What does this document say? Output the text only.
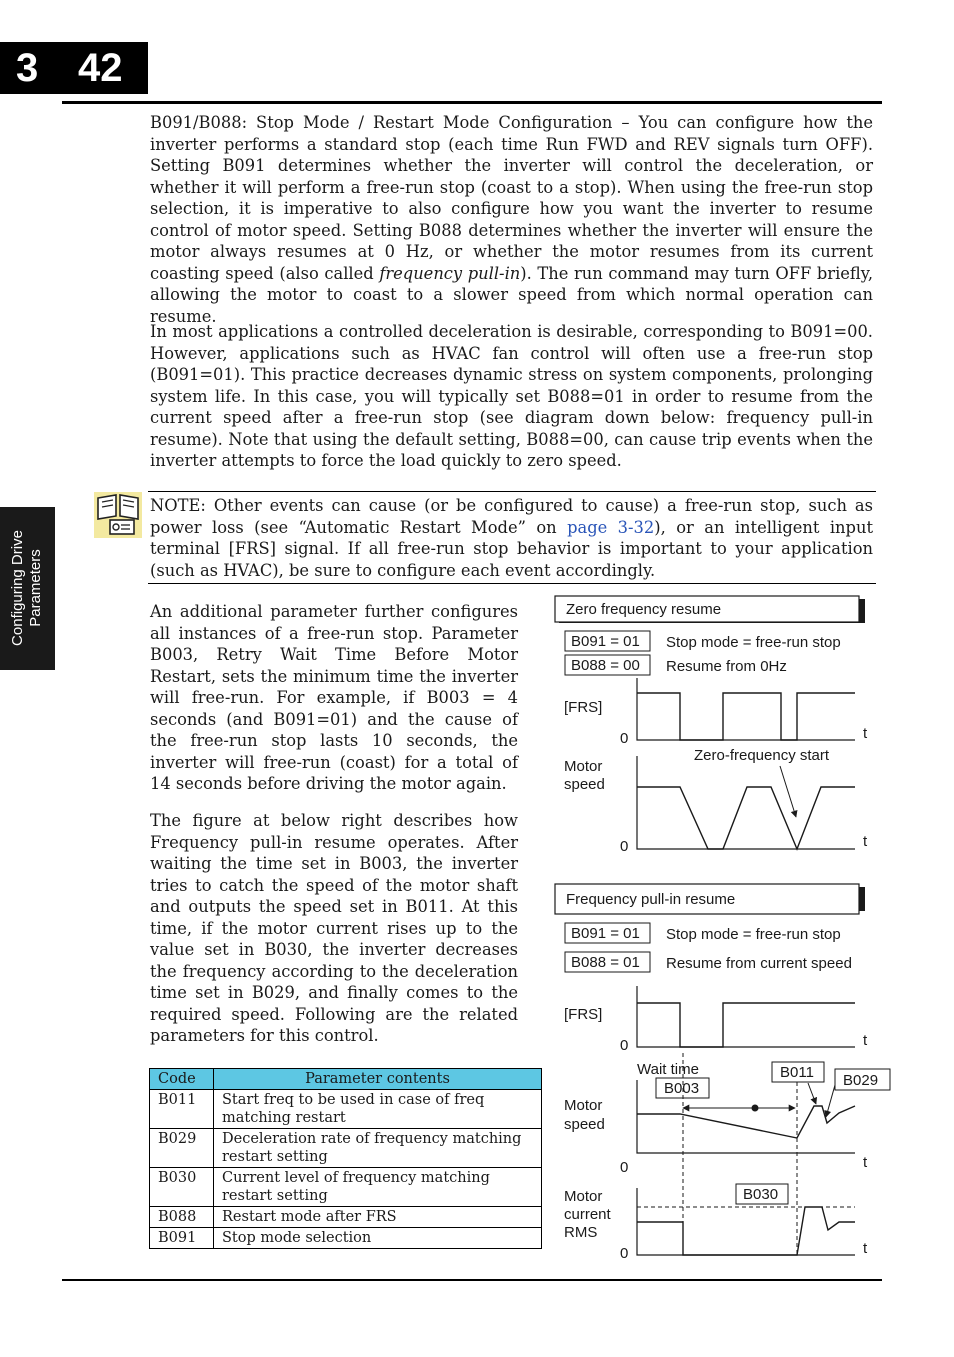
3 42
Configuring Drive Parameters
B091/B088: Stop Mode / Restart Mode Configuration – You can configure how the inverter performs a standard stop (each time Run FWD and REV signals turn OFF). Setting B091 determines whether the inverter will control the deceleration, or whether it will perform a free-run stop (coast to a stop). When using the free-run stop selection, it is imperative to also configure how you want the inverter to resume control of motor speed. Setting B088 determines whether the inverter will ensure the motor always resumes at 0 Hz, or whether the motor resumes from its current coasting speed (also called frequency pull-in). The run command may turn OFF briefly, allowing the motor to coast to a slower speed from which normal operation can resume.
In most applications a controlled deceleration is desirable, corresponding to B091=00. However, applications such as HVAC fan control will often use a free-run stop (B091=01). This practice decreases dynamic stress on system components, prolonging system life. In this case, you will typically set B088=01 in order to resume from the current speed after a free-run stop (see diagram down below: frequency pull-in resume). Note that using the default setting, B088=00, can cause trip events when the inverter attempts to force the load quickly to zero speed.
NOTE: Other events can cause (or be configured to cause) a free-run stop, such as power loss (see “Automatic Restart Mode” on page 3-32), or an intelligent input terminal [FRS] signal. If all free-run stop behavior is important to your application (such as HVAC), be sure to configure each event accordingly.
An additional parameter further configures all instances of a free-run stop. Parameter B003, Retry Wait Time Before Motor Restart, sets the minimum time the inverter will free-run. For example, if B003 = 4 seconds (and B091=01) and the cause of the free-run stop lasts 10 seconds, the inverter will free-run (coast) for a total of 14 seconds before driving the motor again.
The figure at below right describes how Frequency pull-in resume operates. After waiting the time set in B003, the inverter tries to catch the speed of the motor shaft and outputs the speed set in B011. At this time, if the motor current rises up to the value set in B030, the inverter decreases the frequency according to the deceleration time set in B029, and finally comes to the required speed. Following are the related parameters for this control.
Code	Parameter contents
B011	Start freq to be used in case of freq matching restart
B029	Deceleration rate of frequency matching restart setting
B030	Current level of frequency matching restart setting
B088	Restart mode after FRS
B091	Stop mode selection
Zero frequency resume
B091 = 01 Stop mode = free-run stop
B088 = 00 Resume from 0Hz
[FRS]
0	t
Zero-frequency start
Motor
speed
0	t
Frequency pull-in resume
B091 = 01 Stop mode = free-run stop
B088 = 01 Resume from current speed
[FRS]
0	t
Wait time
B003
B011 B029
Motor
speed
0	t
Motor
current
RMS
0	t
B030
